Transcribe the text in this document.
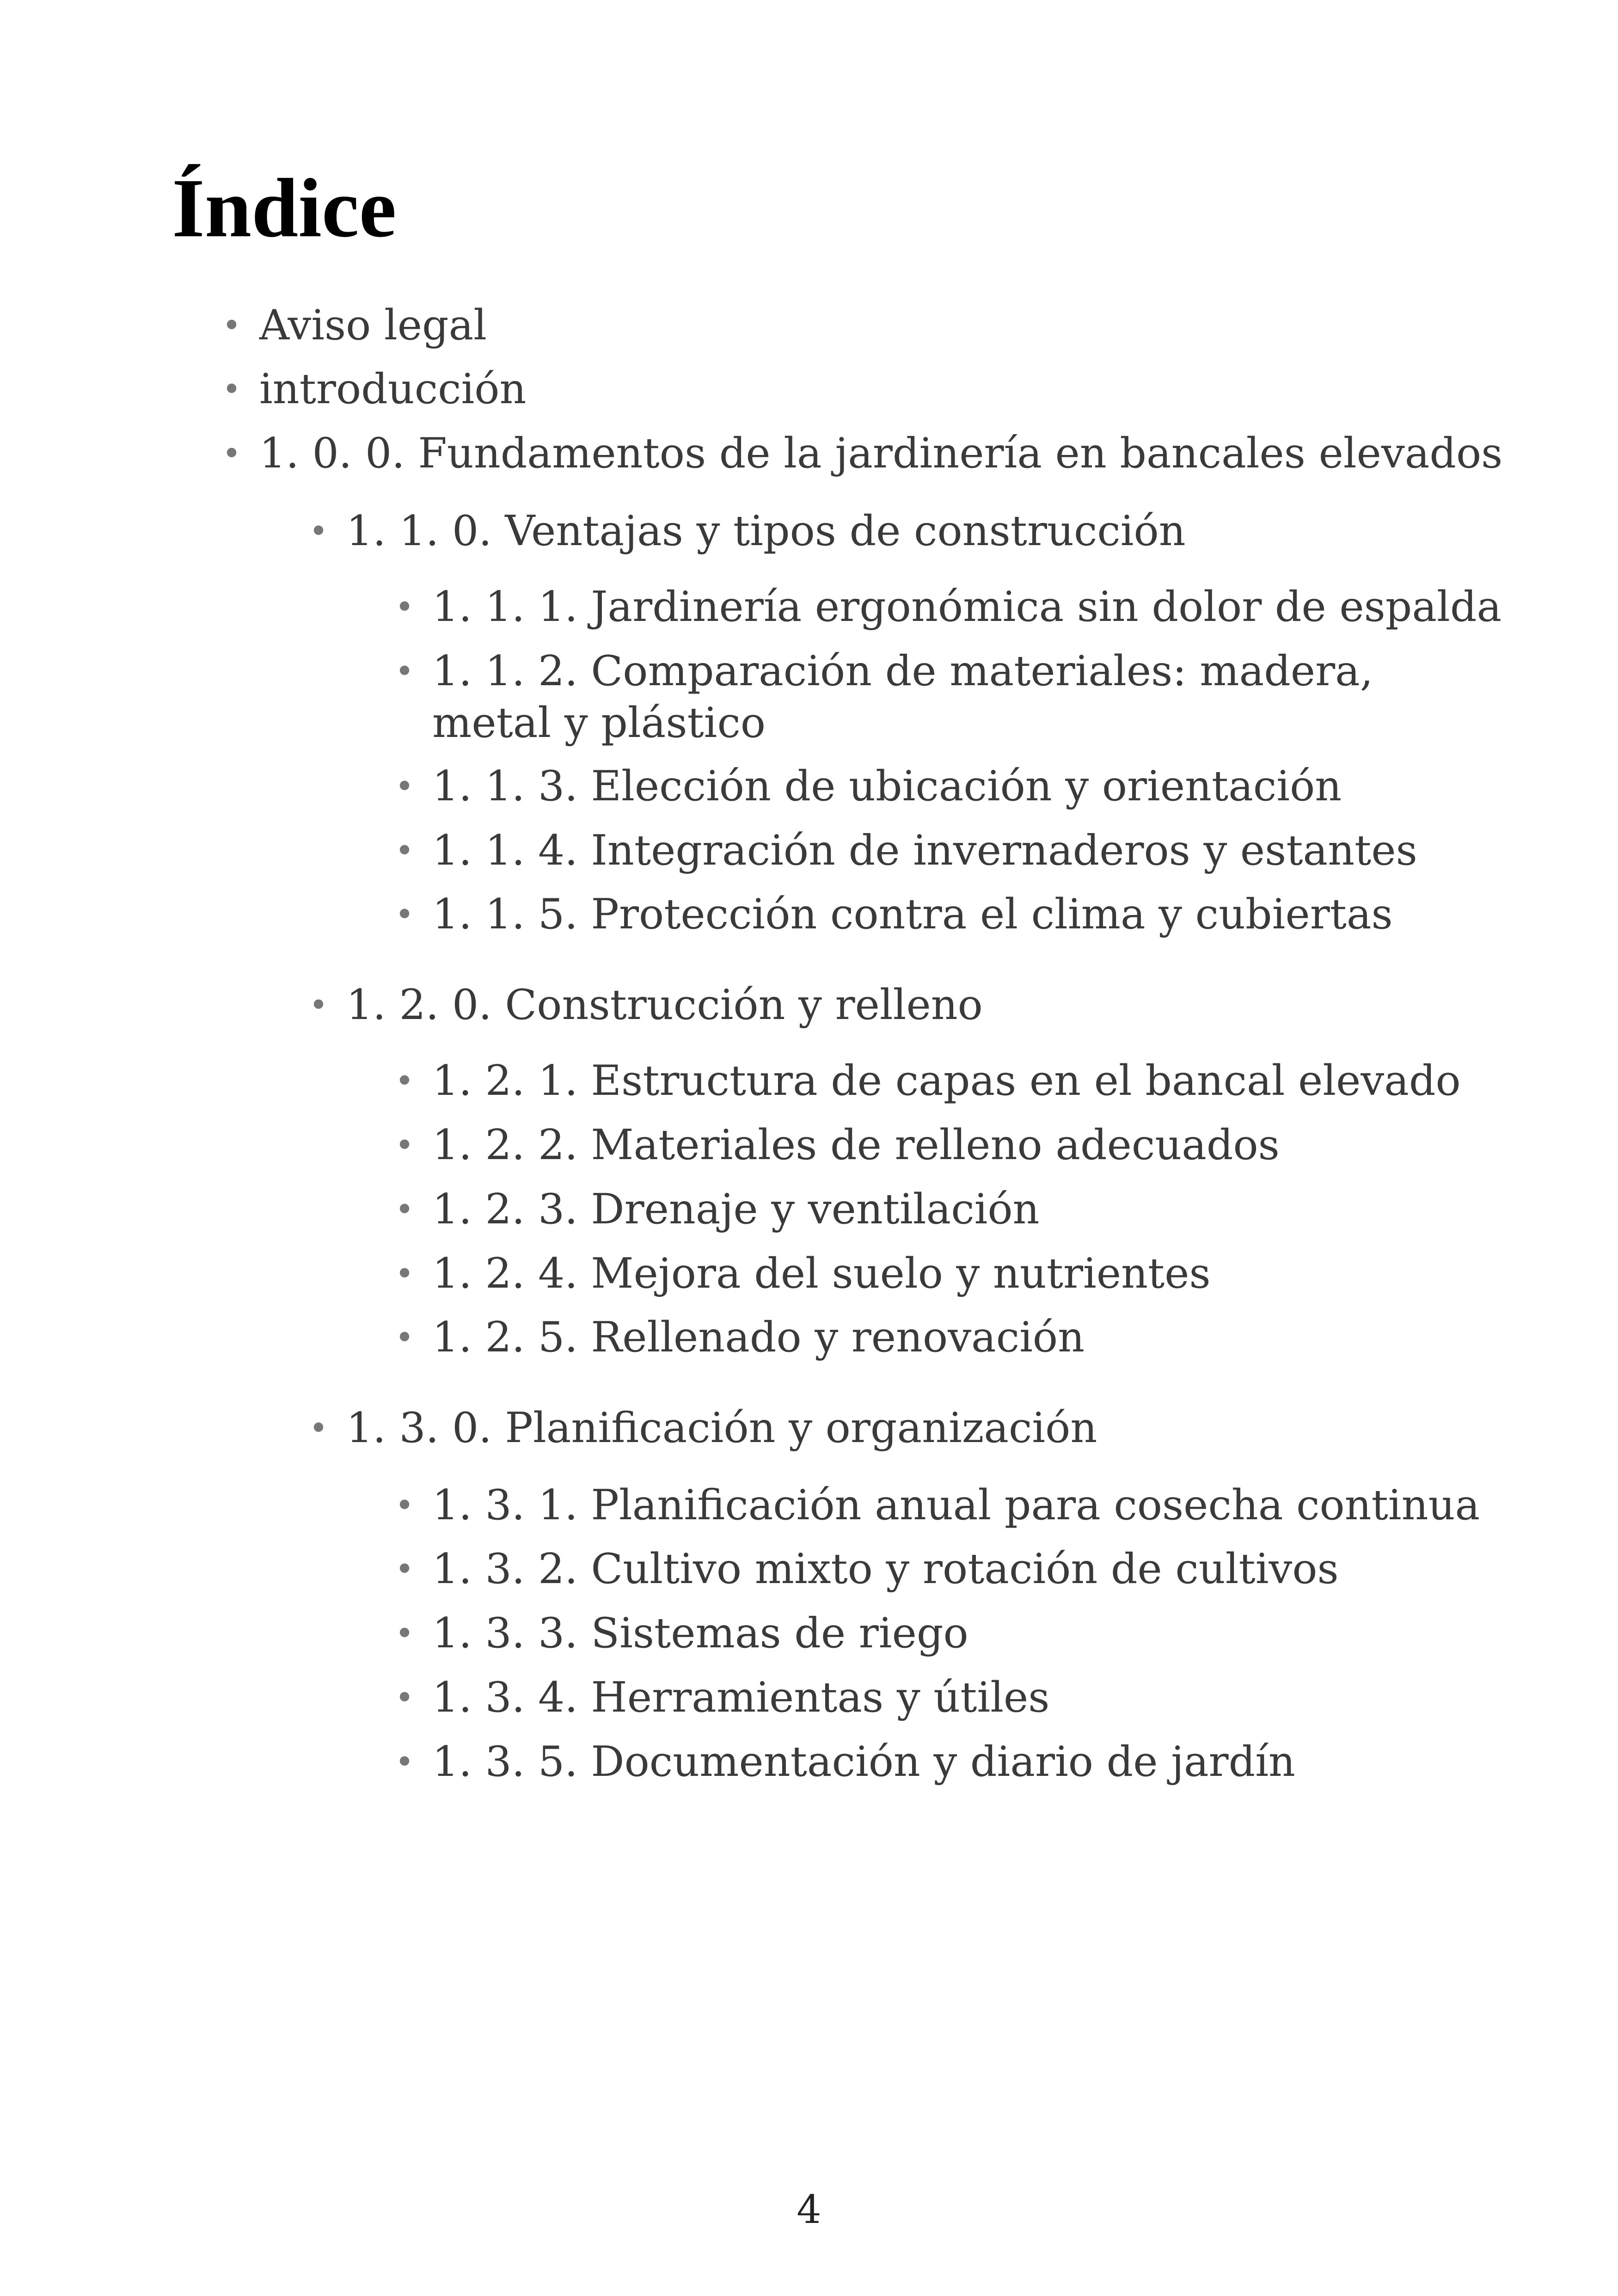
Índice
• Aviso legal
• introducción
• 1. 0. 0. Fundamentos de la jardinería en bancales elevados
• 1. 1. 0. Ventajas y tipos de construcción
• 1. 1. 1. Jardinería ergonómica sin dolor de espalda
• 1. 1. 2. Comparación de materiales: madera, metal y plástico
• 1. 1. 3. Elección de ubicación y orientación
• 1. 1. 4. Integración de invernaderos y estantes
• 1. 1. 5. Protección contra el clima y cubiertas
• 1. 2. 0. Construcción y relleno
• 1. 2. 1. Estructura de capas en el bancal elevado
• 1. 2. 2. Materiales de relleno adecuados
• 1. 2. 3. Drenaje y ventilación
• 1. 2. 4. Mejora del suelo y nutrientes
• 1. 2. 5. Rellenado y renovación
• 1. 3. 0. Planificación y organización
• 1. 3. 1. Planificación anual para cosecha continua
• 1. 3. 2. Cultivo mixto y rotación de cultivos
• 1. 3. 3. Sistemas de riego
• 1. 3. 4. Herramientas y útiles
• 1. 3. 5. Documentación y diario de jardín
4
